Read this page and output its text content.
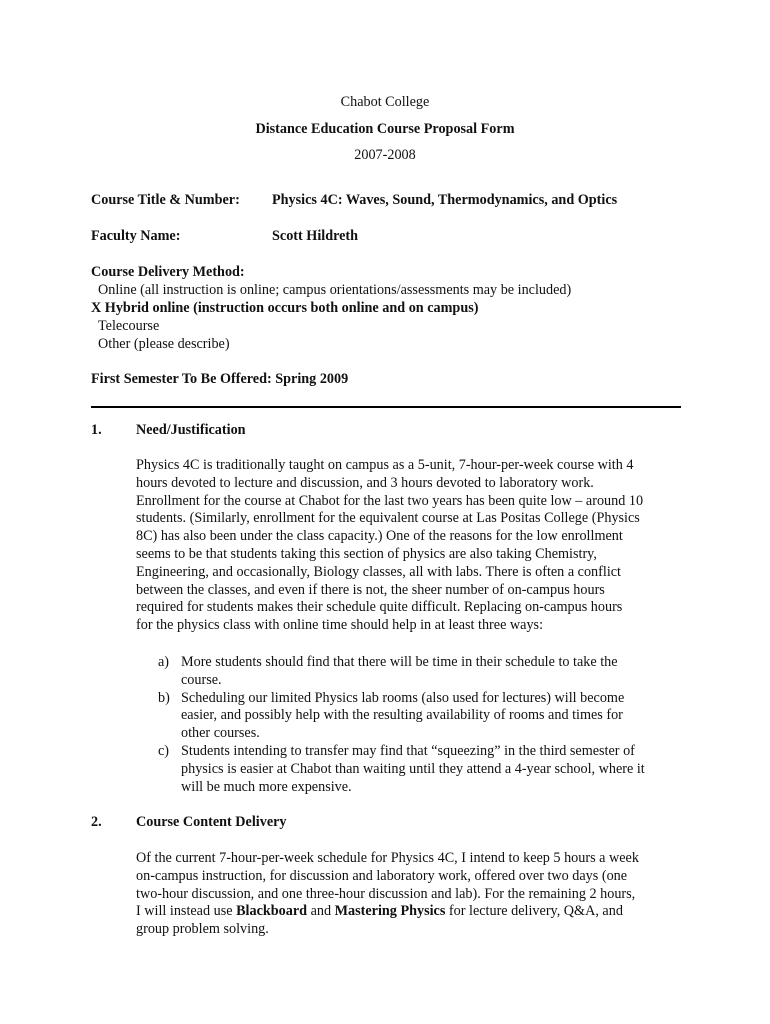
Chabot College
Distance Education Course Proposal Form
2007-2008
Course Title & Number: Physics 4C: Waves, Sound, Thermodynamics, and Optics
Faculty Name:	Scott Hildreth
Course Delivery Method:
Online (all instruction is online; campus orientations/assessments may be included)
X Hybrid online (instruction occurs both online and on campus)
Telecourse
Other (please describe)
First Semester To Be Offered: Spring 2009
1. Need/Justification

Physics 4C is traditionally taught on campus as a 5-unit, 7-hour-per-week course with 4

hours devoted to lecture and discussion, and 3 hours devoted to laboratory work.

Enrollment for the course at Chabot for the last two years has been quite low – around 10

students. (Similarly, enrollment for the equivalent course at Las Positas College (Physics

8C) has also been under the class capacity.) One of the reasons for the low enrollment

seems to be that students taking this section of physics are also taking Chemistry,

Engineering, and occasionally, Biology classes, all with labs. There is often a conflict

between the classes, and even if there is not, the sheer number of on-campus hours

required for students makes their schedule quite difficult. Replacing on-campus hours

for the physics class with online time should help in at least three ways:

a) More students should find that there will be time in their schedule to take the
course.
b) Scheduling our limited Physics lab rooms (also used for lectures) will become
easier, and possibly help with the resulting availability of rooms and times for
other courses.
c) Students intending to transfer may find that “squeezing” in the third semester of
physics is easier at Chabot than waiting until they attend a 4-year school, where it
will be much more expensive.
2. Course Content Delivery

Of the current 7-hour-per-week schedule for Physics 4C, I intend to keep 5 hours a week

on-campus instruction, for discussion and laboratory work, offered over two days (one

two-hour discussion, and one three-hour discussion and lab). For the remaining 2 hours,

I will instead use Blackboard and Mastering Physics for lecture delivery, Q&A, and

group problem solving.
